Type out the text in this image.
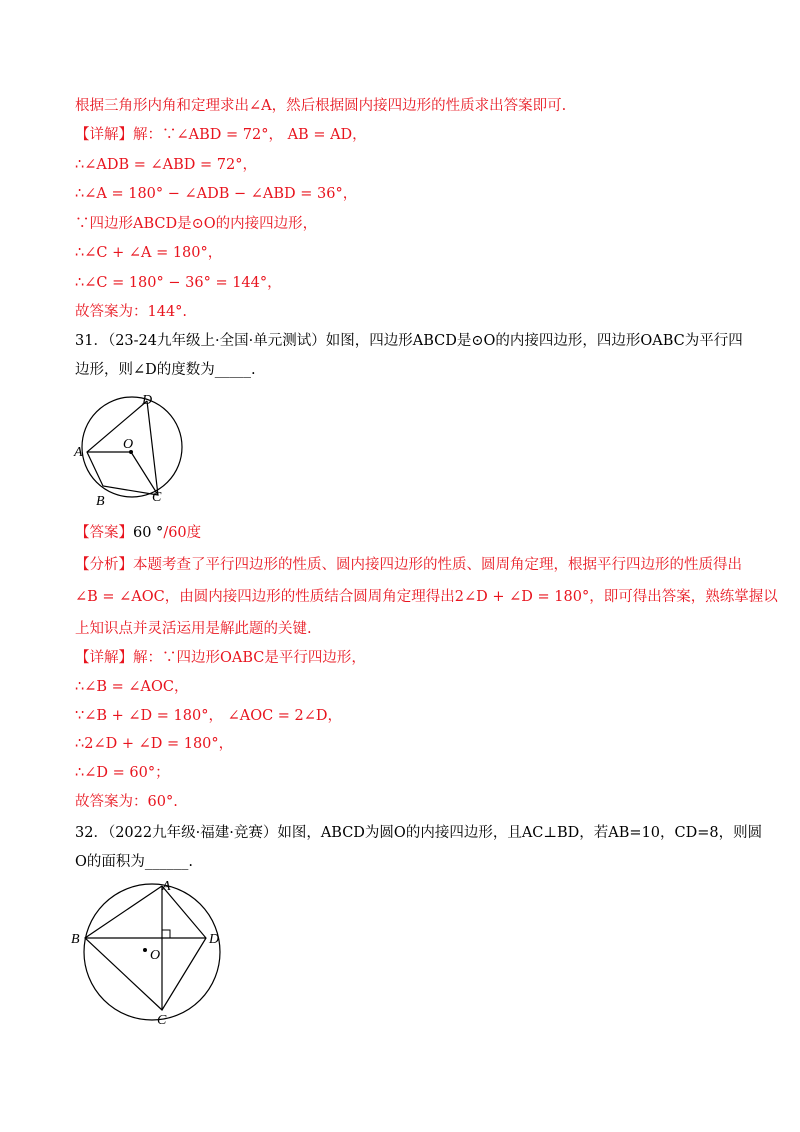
根据三角形内角和定理求出∠A，然后根据圆内接四边形的性质求出答案即可.
【详解】解：∵∠ABD = 72°， AB = AD，
∴∠ADB = ∠ABD = 72°，
∴∠A = 180° − ∠ADB − ∠ABD = 36°，
∵四边形ABCD是⊙O的内接四边形，
∴∠C + ∠A = 180°，
∴∠C = 180° − 36° = 144°，
故答案为：144°.
31．（23-24九年级上·全国·单元测试）如图，四边形ABCD是⊙O的内接四边形，四边形OABC为平行四
边形，则∠D的度数为_____.
D
O
A
B	C
【答案】60 °/60度
【分析】本题考查了平行四边形的性质、圆内接四边形的性质、圆周角定理，根据平行四边形的性质得出
∠B = ∠AOC，由圆内接四边形的性质结合圆周角定理得出2∠D + ∠D = 180°，即可得出答案，熟练掌握以
上知识点并灵活运用是解此题的关键.
【详解】解：∵四边形OABC是平行四边形，
∴∠B = ∠AOC，
∵∠B + ∠D = 180°， ∠AOC = 2∠D，
∴2∠D + ∠D = 180°，
∴∠D = 60°；
故答案为：60°.
32．（2022九年级·福建·竞赛）如图，ABCD为圆O的内接四边形，且AC⊥BD，若AB=10，CD=8，则圆
O的面积为______.
A
B	D
O
C
